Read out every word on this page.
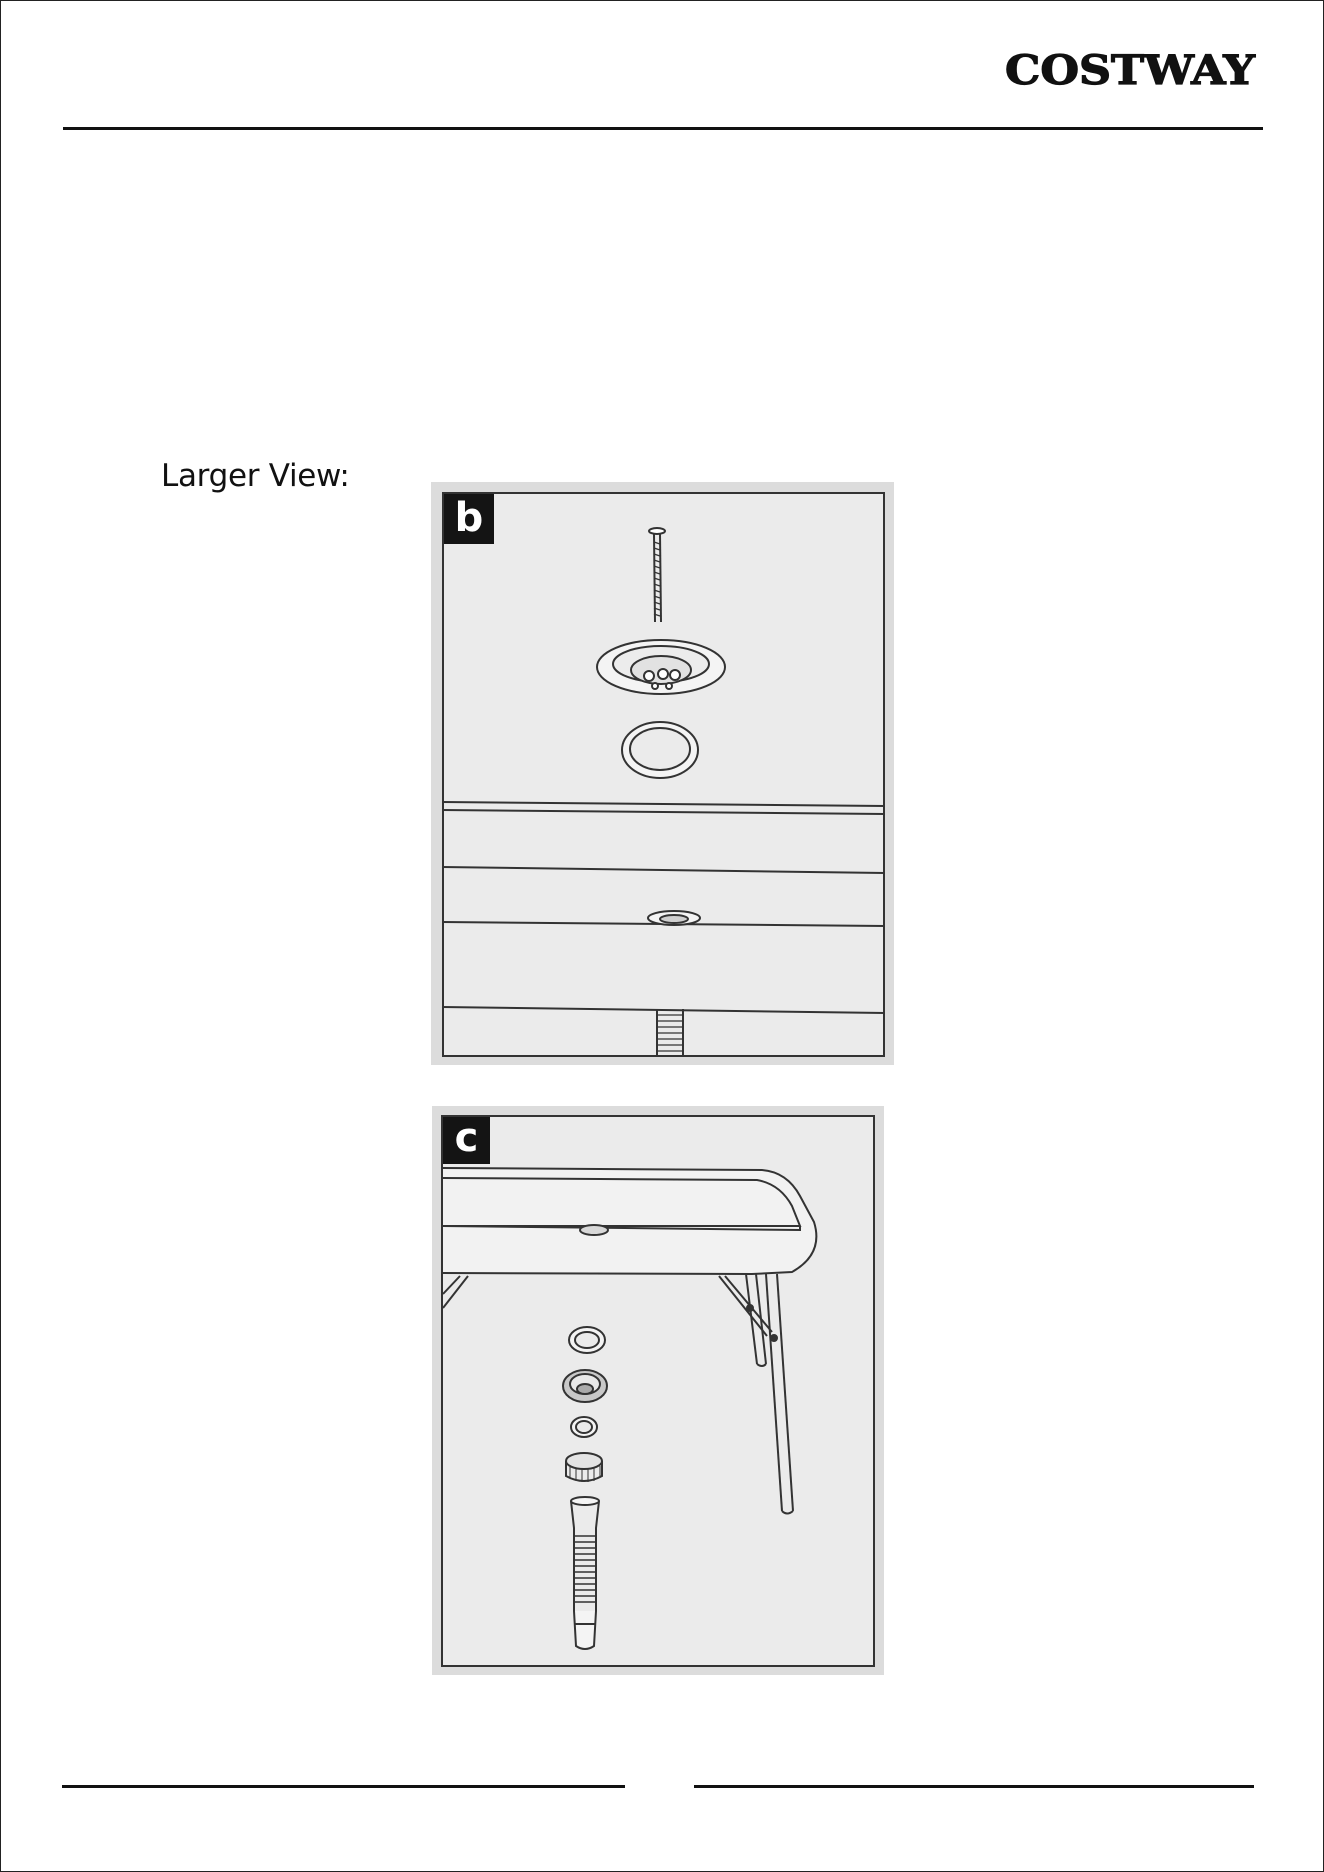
COSTWAY
Larger View:
b
c
